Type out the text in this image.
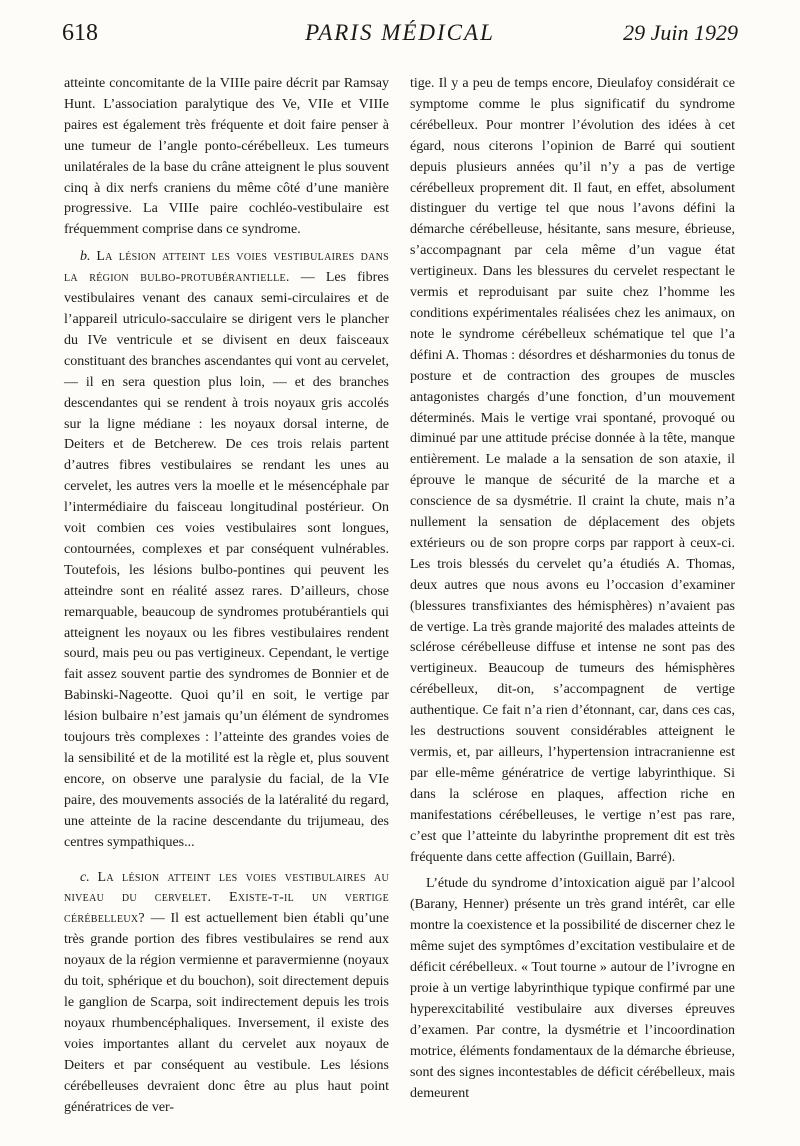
618	PARIS MÉDICAL	29 Juin 1929

atteinte concomitante de la VIIIe paire décrit par Ramsay Hunt. L’association paralytique des Ve, VIIe et VIIIe paires est également très fréquente et doit faire penser à une tumeur de l’angle ponto-cérébelleux. Les tumeurs unilatérales de la base du crâne atteignent le plus souvent cinq à dix nerfs craniens du même côté d’une manière progressive. La VIIIe paire cochléo-vestibulaire est fréquemment comprise dans ce syndrome.

b. La lésion atteint les voies vestibulaires dans la région bulbo-protubérantielle. — Les fibres vestibulaires venant des canaux semi-circulaires et de l’appareil utriculo-sacculaire se dirigent vers le plancher du IVe ventricule et se divisent en deux faisceaux constituant des branches ascendantes qui vont au cervelet, — il en sera question plus loin, — et des branches descendantes qui se rendent à trois noyaux gris accolés sur la ligne médiane : les noyaux dorsal interne, de Deiters et de Betcherew. De ces trois relais partent d’autres fibres vestibulaires se rendant les unes au cervelet, les autres vers la moelle et le mésencéphale par l’intermédiaire du faisceau longitudinal postérieur. On voit combien ces voies vestibulaires sont longues, contournées, complexes et par conséquent vulnérables. Toutefois, les lésions bulbo-pontines qui peuvent les atteindre sont en réalité assez rares. D’ailleurs, chose remarquable, beaucoup de syndromes protubérantiels qui atteignent les noyaux ou les fibres vestibulaires rendent sourd, mais peu ou pas vertigineux. Cependant, le vertige fait assez souvent partie des syndromes de Bonnier et de Babinski-Nageotte. Quoi qu’il en soit, le vertige par lésion bulbaire n’est jamais qu’un élément de syndromes toujours très complexes : l’atteinte des grandes voies de la sensibilité et de la motilité est la règle et, plus souvent encore, on observe une paralysie du facial, de la VIe paire, des mouvements associés de la latéralité du regard, une atteinte de la racine descendante du trijumeau, des centres sympathiques...

c. La lésion atteint les voies vestibulaires au niveau du cervelet. Existe-t-il un vertige cérébelleux? — Il est actuellement bien établi qu’une très grande portion des fibres vestibulaires se rend aux noyaux de la région vermienne et paravermienne (noyaux du toit, sphérique et du bouchon), soit directement depuis le ganglion de Scarpa, soit indirectement depuis les trois noyaux rhumbencéphaliques. Inversement, il existe des voies importantes allant du cervelet aux noyaux de Deiters et par conséquent au vestibule. Les lésions cérébelleuses devraient donc être au plus haut point génératrices de ver-

tige. Il y a peu de temps encore, Dieulafoy considérait ce symptome comme le plus significatif du syndrome cérébelleux. Pour montrer l’évolution des idées à cet égard, nous citerons l’opinion de Barré qui soutient depuis plusieurs années qu’il n’y a pas de vertige cérébelleux proprement dit. Il faut, en effet, absolument distinguer du vertige tel que nous l’avons défini la démarche cérébelleuse, hésitante, sans mesure, ébrieuse, s’accompagnant par cela même d’un vague état vertigineux. Dans les blessures du cervelet respectant le vermis et reproduisant par suite chez l’homme les conditions expérimentales réalisées chez les animaux, on note le syndrome cérébelleux schématique tel que l’a défini A. Thomas : désordres et désharmonies du tonus de posture et de contraction des groupes de muscles antagonistes chargés d’une fonction, d’un mouvement déterminés. Mais le vertige vrai spontané, provoqué ou diminué par une attitude précise donnée à la tête, manque entièrement. Le malade a la sensation de son ataxie, il éprouve le manque de sécurité de la marche et a conscience de sa dysmétrie. Il craint la chute, mais n’a nullement la sensation de déplacement des objets extérieurs ou de son propre corps par rapport à ceux-ci. Les trois blessés du cervelet qu’a étudiés A. Thomas, deux autres que nous avons eu l’occasion d’examiner (blessures transfixiantes des hémisphères) n’avaient pas de vertige. La très grande majorité des malades atteints de sclérose cérébelleuse diffuse et intense ne sont pas des vertigineux. Beaucoup de tumeurs des hémisphères cérébelleux, dit-on, s’accompagnent de vertige authentique. Ce fait n’a rien d’étonnant, car, dans ces cas, les destructions souvent considérables atteignent le vermis, et, par ailleurs, l’hypertension intracranienne est par elle-même génératrice de vertige labyrinthique. Si dans la sclérose en plaques, affection riche en manifestations cérébelleuses, le vertige n’est pas rare, c’est que l’atteinte du labyrinthe proprement dit est très fréquente dans cette affection (Guillain, Barré).

L’étude du syndrome d’intoxication aiguë par l’alcool (Barany, Henner) présente un très grand intérêt, car elle montre la coexistence et la possibilité de discerner chez le même sujet des symptômes d’excitation vestibulaire et de déficit cérébelleux. « Tout tourne » autour de l’ivrogne en proie à un vertige labyrinthique typique confirmé par une hyperexcitabilité vestibulaire aux diverses épreuves d’examen. Par contre, la dysmétrie et l’incoordination motrice, éléments fondamentaux de la démarche ébrieuse, sont des signes incontestables de déficit cérébelleux, mais demeurent
